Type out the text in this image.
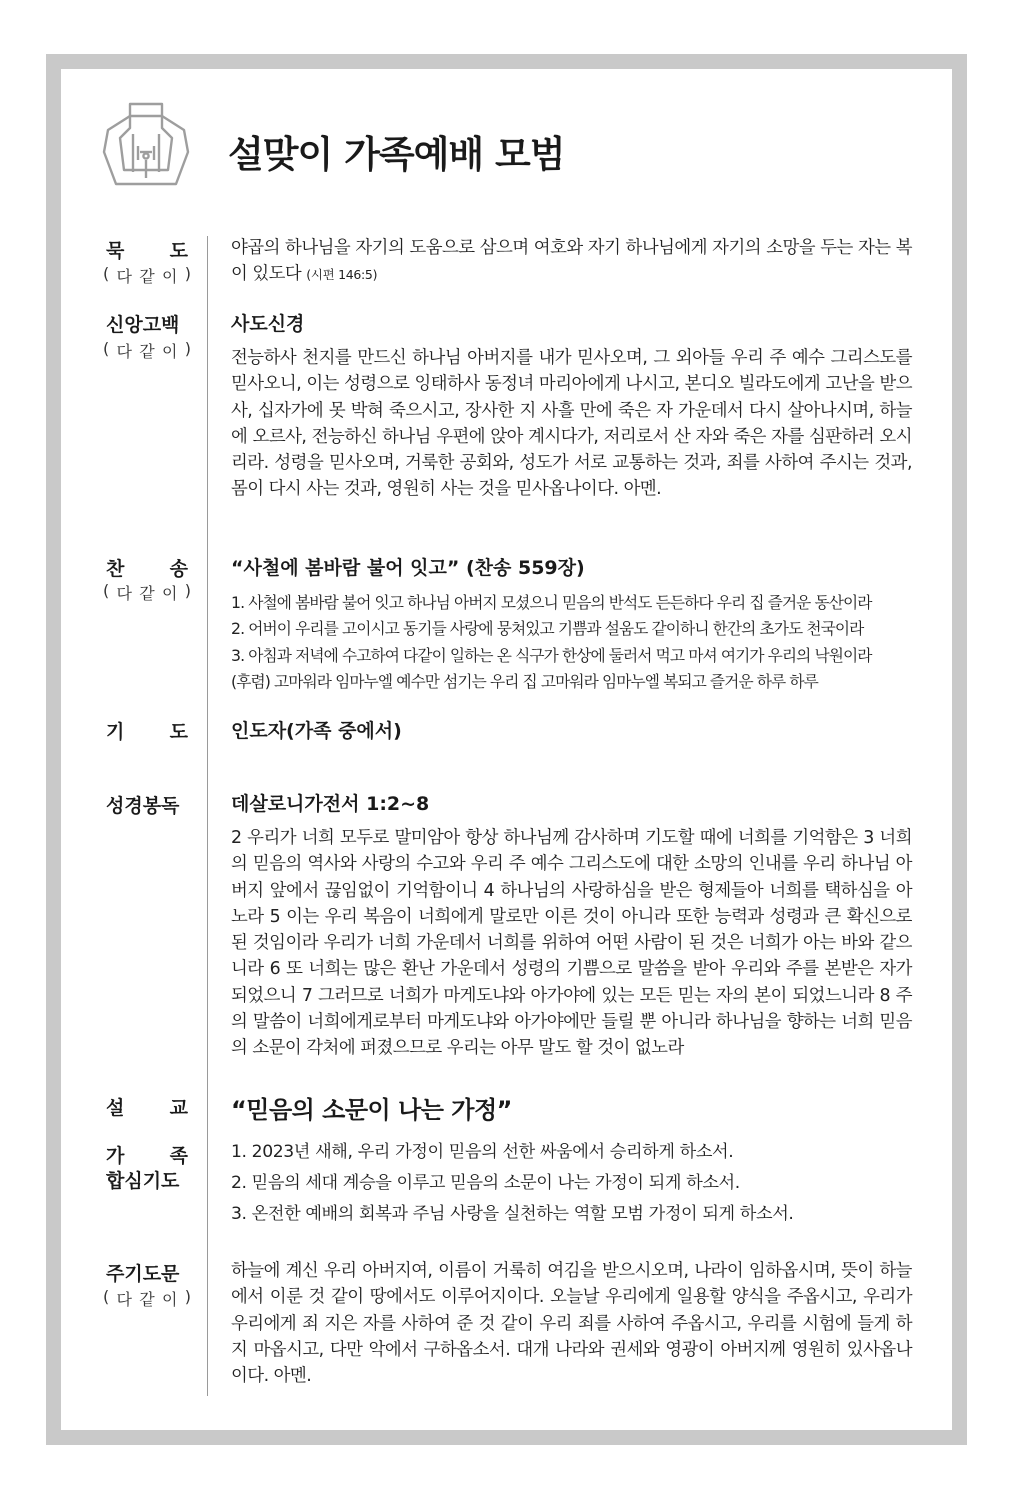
설맞이 가족예배 모범
묵 도
( 다 같 이 )
야곱의 하나님을 자기의 도움으로 삼으며 여호와 자기 하나님에게 자기의 소망을 두는 자는 복이 있도다 (시편 146:5)
신앙고백
( 다 같 이 )
사도신경
전능하사 천지를 만드신 하나님 아버지를 내가 믿사오며, 그 외아들 우리 주 예수 그리스도를 믿사오니, 이는 성령으로 잉태하사 동정녀 마리아에게 나시고, 본디오 빌라도에게 고난을 받으사, 십자가에 못 박혀 죽으시고, 장사한 지 사흘 만에 죽은 자 가운데서 다시 살아나시며, 하늘에 오르사, 전능하신 하나님 우편에 앉아 계시다가, 저리로서 산 자와 죽은 자를 심판하러 오시리라. 성령을 믿사오며, 거룩한 공회와, 성도가 서로 교통하는 것과, 죄를 사하여 주시는 것과, 몸이 다시 사는 것과, 영원히 사는 것을 믿사옵나이다. 아멘.
찬 송
( 다 같 이 )
“사철에 봄바람 불어 잇고” (찬송 559장)
1. 사철에 봄바람 불어 잇고 하나님 아버지 모셨으니 믿음의 반석도 든든하다 우리 집 즐거운 동산이라
2. 어버이 우리를 고이시고 동기들 사랑에 뭉쳐있고 기쁨과 설움도 같이하니 한간의 초가도 천국이라
3. 아침과 저녁에 수고하여 다같이 일하는 온 식구가 한상에 둘러서 먹고 마셔 여기가 우리의 낙원이라
(후렴) 고마워라 임마누엘 예수만 섬기는 우리 집 고마워라 임마누엘 복되고 즐거운 하루 하루
기 도 인도자(가족 중에서)
성경봉독	데살로니가전서 1:2~8
2 우리가 너희 모두로 말미암아 항상 하나님께 감사하며 기도할 때에 너희를 기억함은 3 너희의 믿음의 역사와 사랑의 수고와 우리 주 예수 그리스도에 대한 소망의 인내를 우리 하나님 아버지 앞에서 끊임없이 기억함이니 4 하나님의 사랑하심을 받은 형제들아 너희를 택하심을 아노라 5 이는 우리 복음이 너희에게 말로만 이른 것이 아니라 또한 능력과 성령과 큰 확신으로 된 것임이라 우리가 너희 가운데서 너희를 위하여 어떤 사람이 된 것은 너희가 아는 바와 같으니라 6 또 너희는 많은 환난 가운데서 성령의 기쁨으로 말씀을 받아 우리와 주를 본받은 자가 되었으니 7 그러므로 너희가 마게도냐와 아가야에 있는 모든 믿는 자의 본이 되었느니라 8 주의 말씀이 너희에게로부터 마게도냐와 아가야에만 들릴 뿐 아니라 하나님을 향하는 너희 믿음의 소문이 각처에 퍼졌으므로 우리는 아무 말도 할 것이 없노라
설 교 “믿음의 소문이 나는 가정”
가 족
합심기도
1. 2023년 새해, 우리 가정이 믿음의 선한 싸움에서 승리하게 하소서.
2. 믿음의 세대 계승을 이루고 믿음의 소문이 나는 가정이 되게 하소서.
3. 온전한 예배의 회복과 주님 사랑을 실천하는 역할 모범 가정이 되게 하소서.
주기도문
( 다 같 이 )
하늘에 계신 우리 아버지여, 이름이 거룩히 여김을 받으시오며, 나라이 임하옵시며, 뜻이 하늘에서 이룬 것 같이 땅에서도 이루어지이다. 오늘날 우리에게 일용할 양식을 주옵시고, 우리가 우리에게 죄 지은 자를 사하여 준 것 같이 우리 죄를 사하여 주옵시고, 우리를 시험에 들게 하지 마옵시고, 다만 악에서 구하옵소서. 대개 나라와 권세와 영광이 아버지께 영원히 있사옵나이다. 아멘.
